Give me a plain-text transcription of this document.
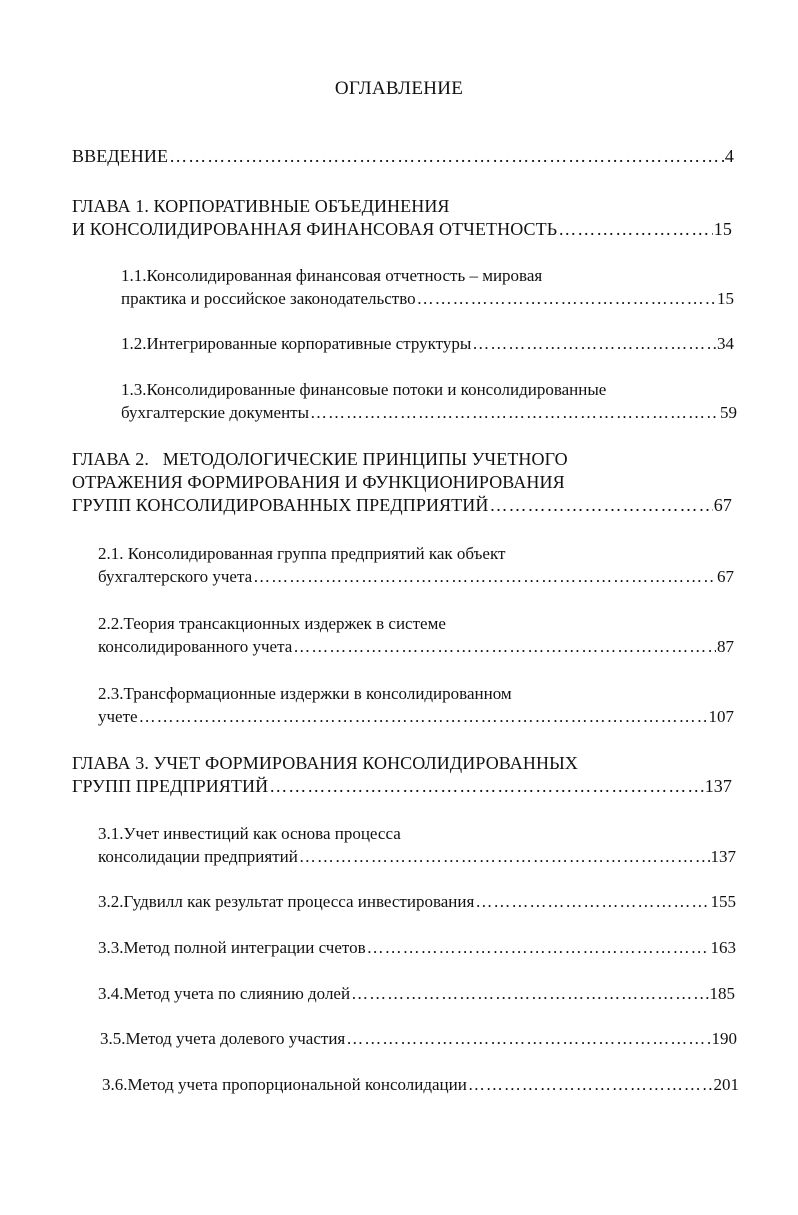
ОГЛАВЛЕНИЕ
ВВЕДЕНИЕ ………………………………………………………………………………………………………………………………………………	4
ГЛАВА 1. КОРПОРАТИВНЫЕ ОБЪЕДИНЕНИЯ
И КОНСОЛИДИРОВАННАЯ ФИНАНСОВАЯ ОТЧЕТНОСТЬ ………………………………………………………………………………………………………………………………………………	15
1.1.Консолидированная финансовая отчетность – мировая
практика и российское законодательство ………………………………………………………………………………………………………………………………………………	15
1.2.Интегрированные корпоративные структуры ………………………………………………………………………………………………………………………………………………	34
1.3.Консолидированные финансовые потоки и консолидированные
бухгалтерские документы ………………………………………………………………………………………………………………………………………………	59
ГЛАВА 2.   МЕТОДОЛОГИЧЕСКИЕ ПРИНЦИПЫ УЧЕТНОГО
ОТРАЖЕНИЯ ФОРМИРОВАНИЯ И ФУНКЦИОНИРОВАНИЯ
ГРУПП КОНСОЛИДИРОВАННЫХ ПРЕДПРИЯТИЙ ………………………………………………………………………………………………………………………………………………	67
2.1. Консолидированная группа предприятий как объект
бухгалтерского учета ………………………………………………………………………………………………………………………………………………	67
2.2.Теория трансакционных издержек в системе
консолидированного учета ………………………………………………………………………………………………………………………………………………	87
2.3.Трансформационные издержки в консолидированном
учете ………………………………………………………………………………………………………………………………………………	107
ГЛАВА 3. УЧЕТ ФОРМИРОВАНИЯ КОНСОЛИДИРОВАННЫХ
ГРУПП ПРЕДПРИЯТИЙ ………………………………………………………………………………………………………………………………………………	137
3.1.Учет инвестиций как основа процесса
консолидации предприятий ………………………………………………………………………………………………………………………………………………	137
3.2.Гудвилл как результат процесса инвестирования ………………………………………………………………………………………………………………………………………………	155
3.3.Метод полной интеграции счетов ………………………………………………………………………………………………………………………………………………	163
3.4.Метод учета по слиянию долей ………………………………………………………………………………………………………………………………………………	185
3.5.Метод учета долевого участия ………………………………………………………………………………………………………………………………………………	190
3.6.Метод учета пропорциональной консолидации ………………………………………………………………………………………………………………………………………………	201
